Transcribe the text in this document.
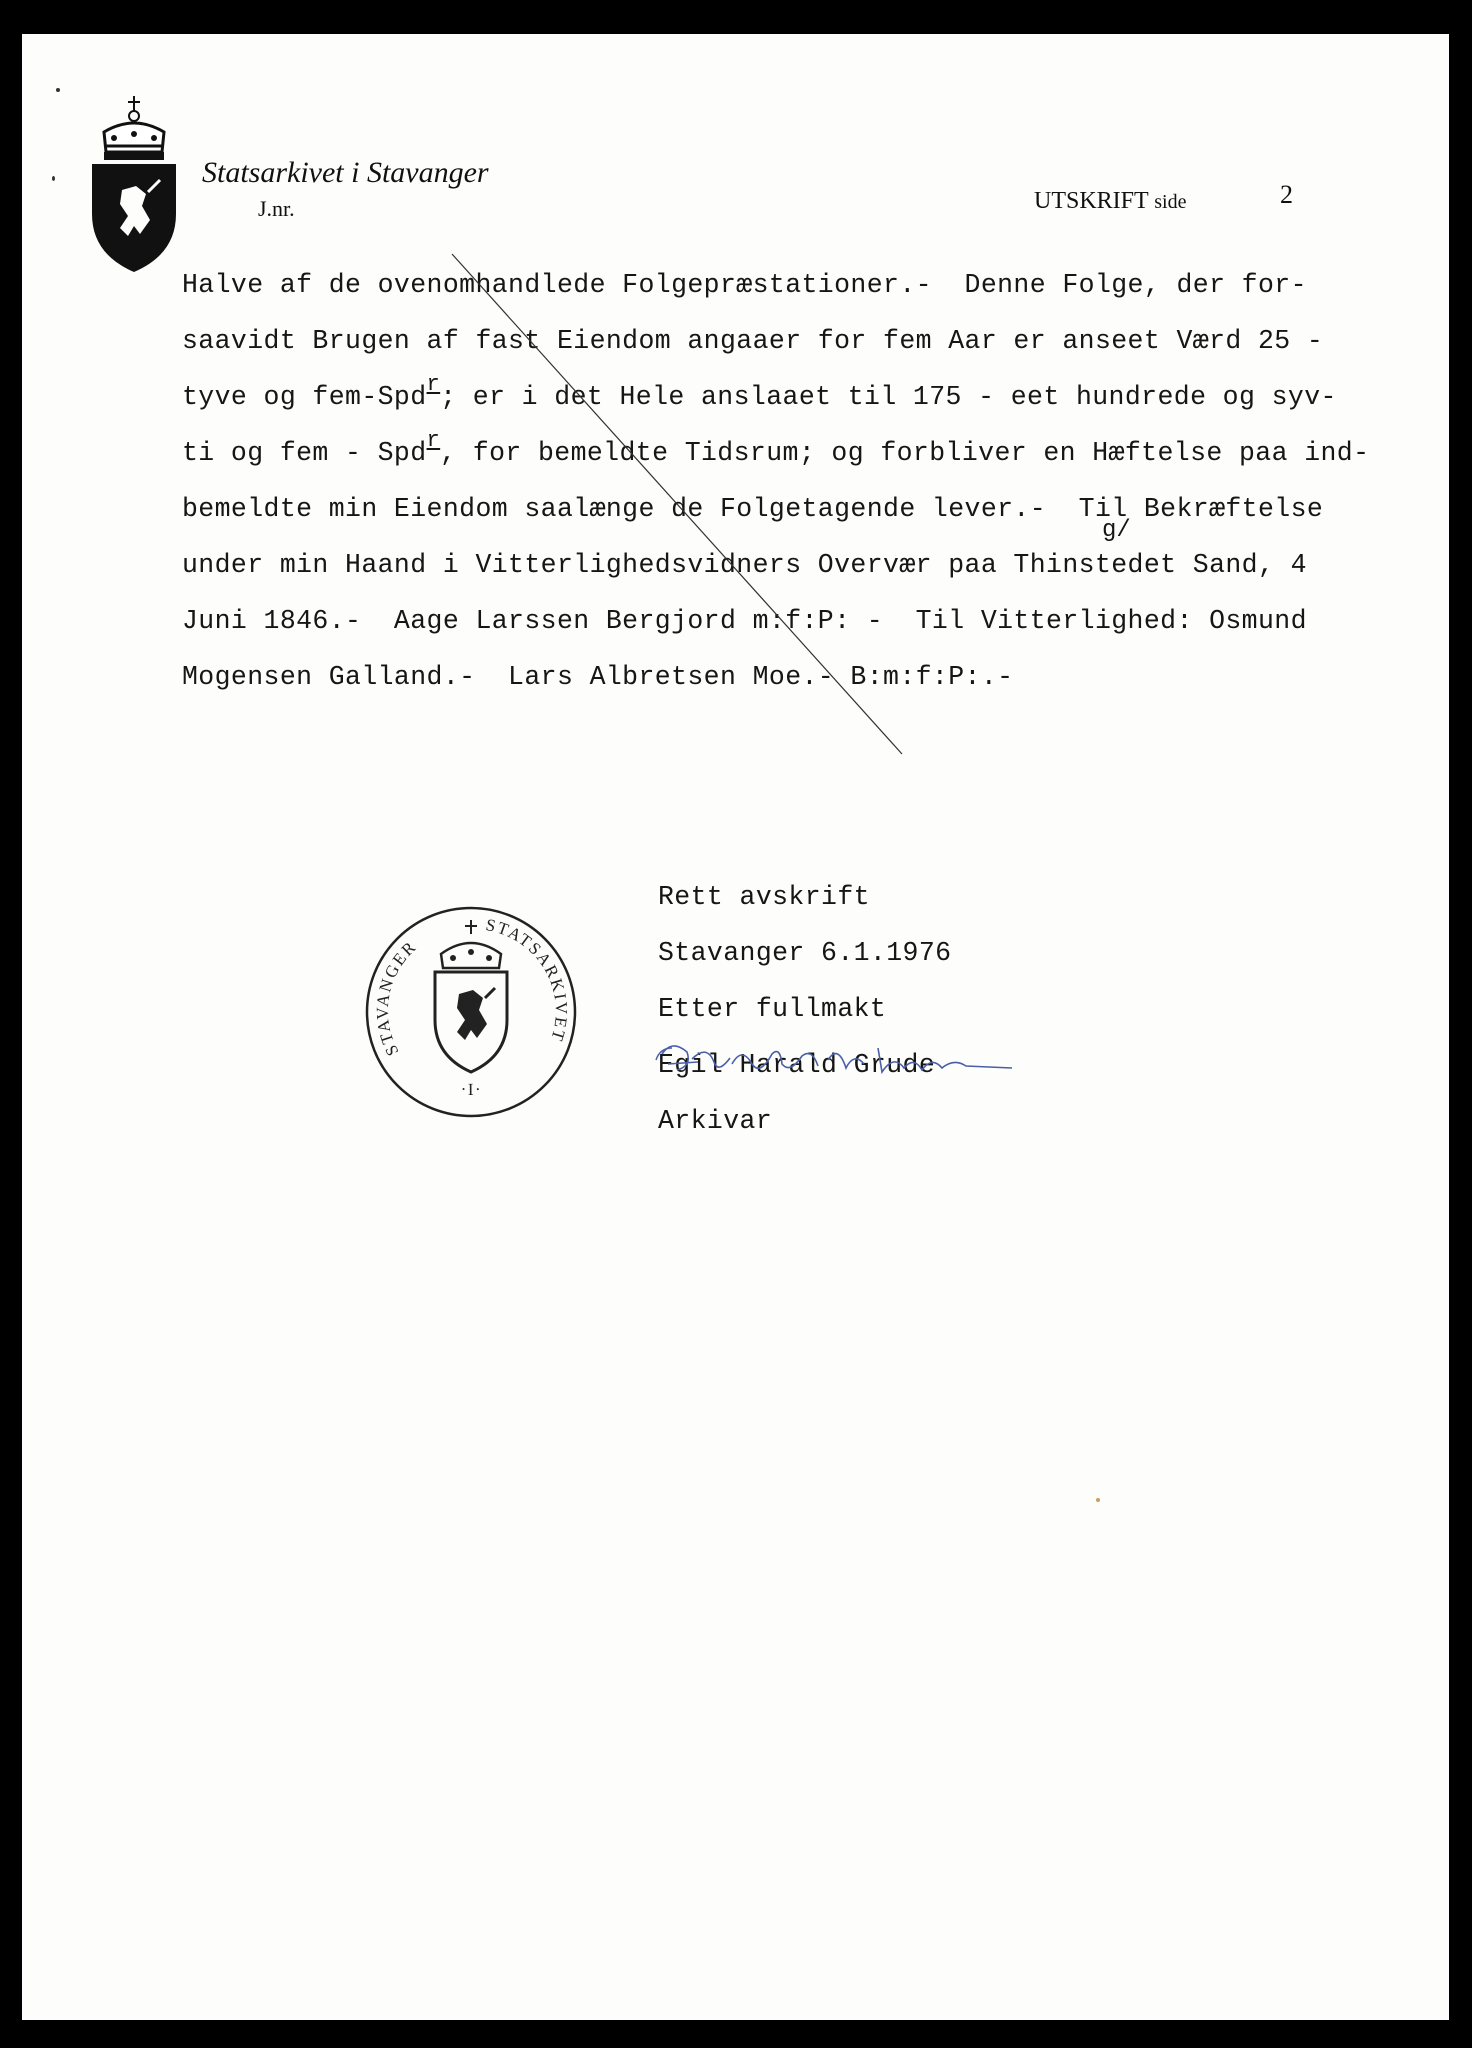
Statsarkivet i Stavanger
J.nr.	UTSKRIFT side	2
Halve af de ovenomhandlede Folgepræstationer.-  Denne Folge, der for-
saavidt Brugen af fast Eiendom angaaer for fem Aar er anseet Værd 25 -
tyve og fem-Spd$^r$; er i det Hele anslaaet til 175 - eet hundrede og syv-
ti og fem - Spd$^r$, for bemeldte Tidsrum; og forbliver en Hæftelse paa ind-
bemeldte min Eiendom saalænge de Folgetagende lever.-  Til Bekræftelse
g/
under min Haand i Vitterlighedsvidners Overvær paa Thinstedet Sand, 4
Juni 1846.-  Aage Larssen Bergjord m:f:P: -  Til Vitterlighed: Osmund
Mogensen Galland.-  Lars Albretsen Moe.- B:m:f:P:.-
STAVANGER
STATSARKIVET
·I·
Rett avskrift
Stavanger 6.1.1976
Etter fullmakt
Egil Harald Grude
Arkivar
